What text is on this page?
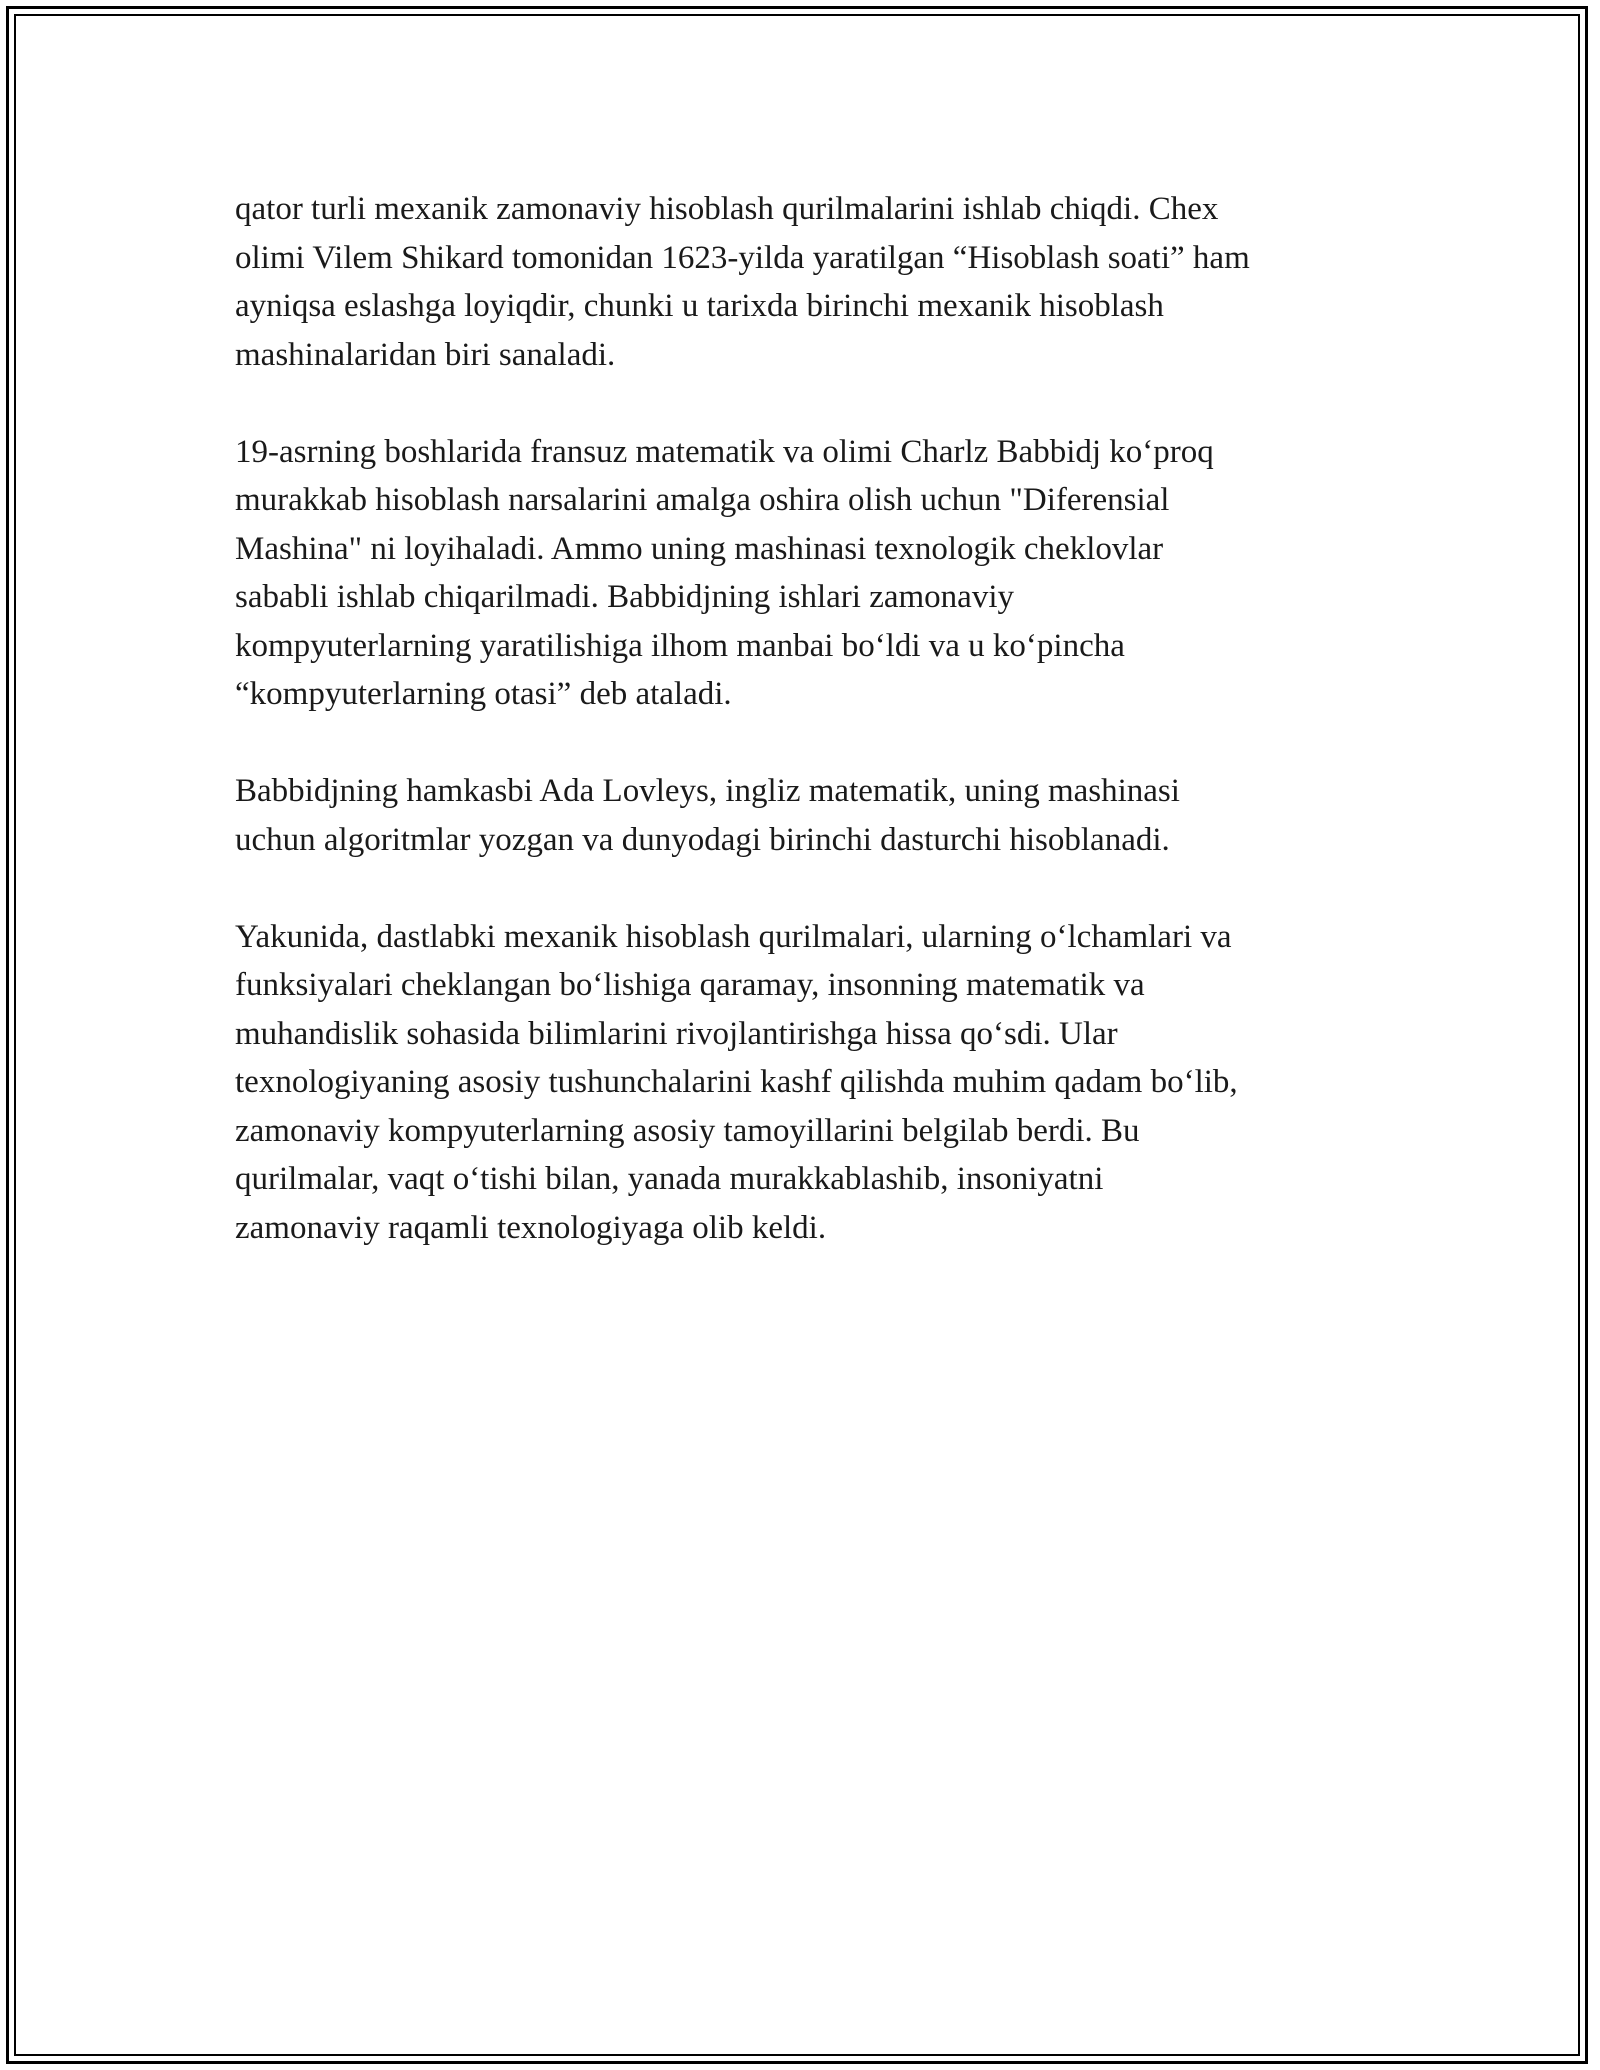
qator turli mexanik zamonaviy hisoblash qurilmalarini ishlab chiqdi. Chex
olimi Vilem Shikard tomonidan 1623-yilda yaratilgan “Hisoblash soati” ham
ayniqsa eslashga loyiqdir, chunki u tarixda birinchi mexanik hisoblash
mashinalaridan biri sanaladi.

19-asrning boshlarida fransuz matematik va olimi Charlz Babbidj ko‘proq
murakkab hisoblash narsalarini amalga oshira olish uchun "Diferensial
Mashina" ni loyihaladi. Ammo uning mashinasi texnologik cheklovlar
sababli ishlab chiqarilmadi. Babbidjning ishlari zamonaviy
kompyuterlarning yaratilishiga ilhom manbai bo‘ldi va u ko‘pincha
“kompyuterlarning otasi” deb ataladi.

Babbidjning hamkasbi Ada Lovleys, ingliz matematik, uning mashinasi
uchun algoritmlar yozgan va dunyodagi birinchi dasturchi hisoblanadi.

Yakunida, dastlabki mexanik hisoblash qurilmalari, ularning o‘lchamlari va
funksiyalari cheklangan bo‘lishiga qaramay, insonning matematik va
muhandislik sohasida bilimlarini rivojlantirishga hissa qo‘sdi. Ular
texnologiyaning asosiy tushunchalarini kashf qilishda muhim qadam bo‘lib,
zamonaviy kompyuterlarning asosiy tamoyillarini belgilab berdi. Bu
qurilmalar, vaqt o‘tishi bilan, yanada murakkablashib, insoniyatni
zamonaviy raqamli texnologiyaga olib keldi.
